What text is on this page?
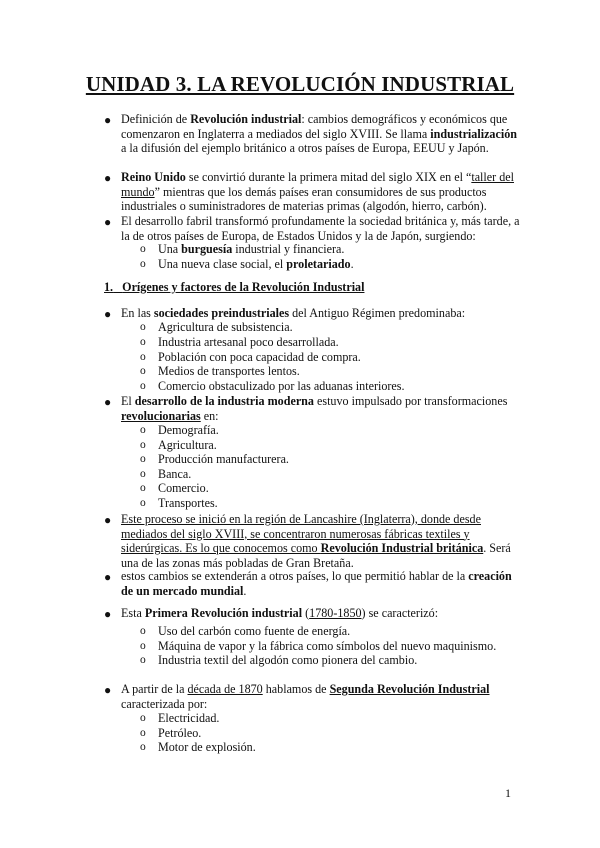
UNIDAD 3. LA REVOLUCIÓN INDUSTRIAL
● Definición de Revolución industrial: cambios demográficos y económicos que comenzaron en Inglaterra a mediados del siglo XVIII. Se llama industrialización a la difusión del ejemplo británico a otros países de Europa, EEUU y Japón.
● Reino Unido se convirtió durante la primera mitad del siglo XIX en el “taller del mundo” mientras que los demás países eran consumidores de sus productos industriales o suministradores de materias primas (algodón, hierro, carbón).
● El desarrollo fabril transformó profundamente la sociedad británica y, más tarde, a la de otros países de Europa, de Estados Unidos y la de Japón, surgiendo:
o Una burguesía industrial y financiera.
o Una nueva clase social, el proletariado.
1. Orígenes y factores de la Revolución Industrial
● En las sociedades preindustriales del Antiguo Régimen predominaba:
o Agricultura de subsistencia.
o Industria artesanal poco desarrollada.
o Población con poca capacidad de compra.
o Medios de transportes lentos.
o Comercio obstaculizado por las aduanas interiores.
● El desarrollo de la industria moderna estuvo impulsado por transformaciones revolucionarias en:
o Demografía.
o Agricultura.
o Producción manufacturera.
o Banca.
o Comercio.
o Transportes.
● Este proceso se inició en la región de Lancashire (Inglaterra), donde desde mediados del siglo XVIII, se concentraron numerosas fábricas textiles y siderúrgicas. Es lo que conocemos como Revolución Industrial británica. Será una de las zonas más pobladas de Gran Bretaña.
● estos cambios se extenderán a otros países, lo que permitió hablar de la creación de un mercado mundial.
● Esta Primera Revolución industrial (1780-1850) se caracterizó:
o Uso del carbón como fuente de energía.
o Máquina de vapor y la fábrica como símbolos del nuevo maquinismo.
o Industria textil del algodón como pionera del cambio.
● A partir de la década de 1870 hablamos de Segunda Revolución Industrial caracterizada por:
o Electricidad.
o Petróleo.
o Motor de explosión.
1
